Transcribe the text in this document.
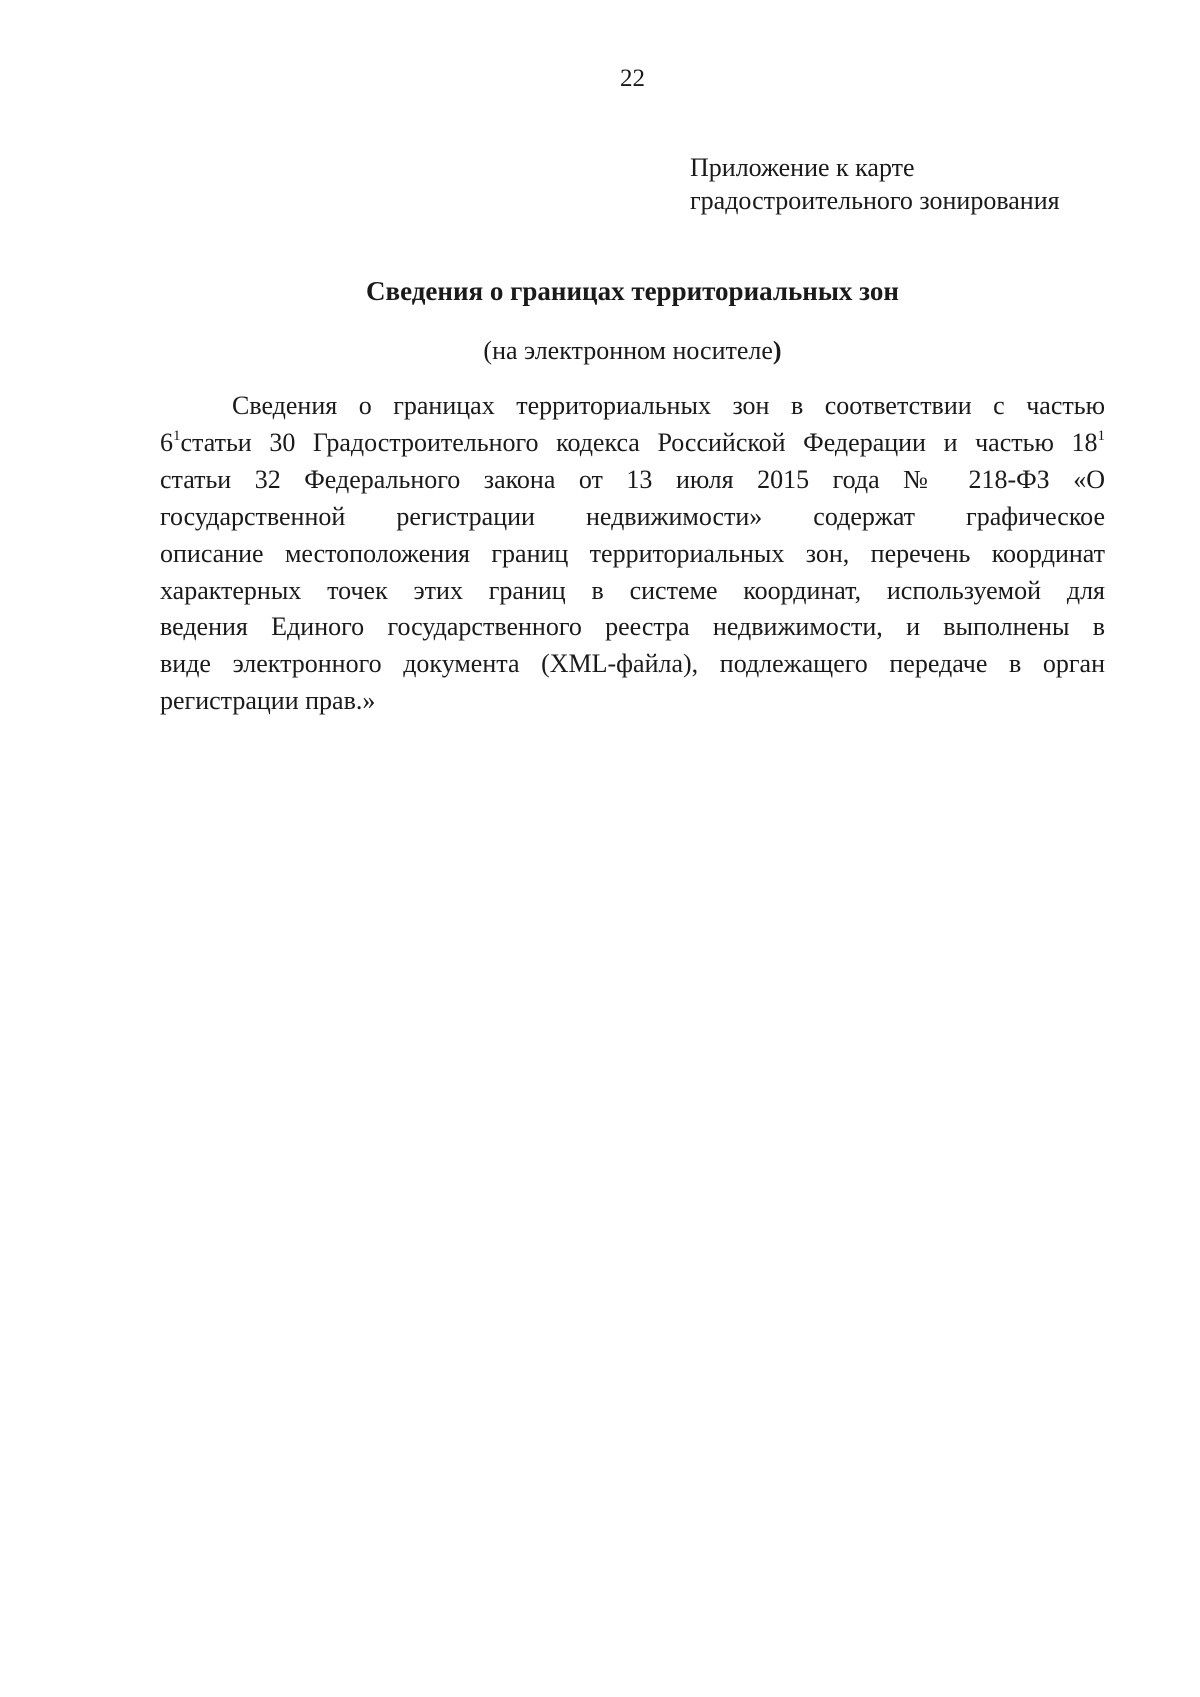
22
Приложение к карте
градостроительного зонирования
Сведения о границах территориальных зон
(на электронном носителе)
Сведения о границах территориальных зон в соответствии с частью
$6^1статьи$ 30 Градостроительного кодекса Российской Федерации и частью $18^1$
статьи 32 Федерального закона от 13 июля 2015 года № 218-ФЗ «О
государственной регистрации недвижимости» содержат графическое
описание местоположения границ территориальных зон, перечень координат
характерных точек этих границ в системе координат, используемой для
ведения Единого государственного реестра недвижимости, и выполнены в
виде электронного документа (XML-файла), подлежащего передаче в орган
регистрации прав.»
